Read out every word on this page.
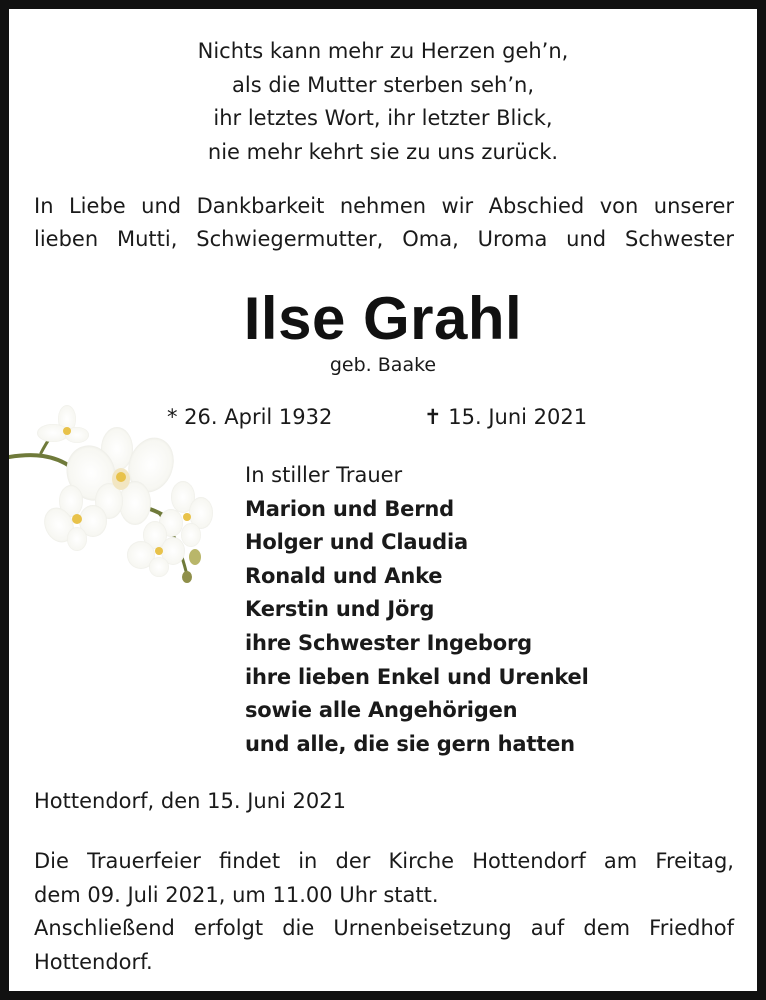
Nichts kann mehr zu Herzen geh’n,
als die Mutter sterben seh’n,
ihr letztes Wort, ihr letzter Blick,
nie mehr kehrt sie zu uns zurück.
In Liebe und Dankbarkeit nehmen wir Abschied von unserer
lieben Mutti, Schwiegermutter, Oma, Uroma und Schwester
Ilse Grahl
geb. Baake
* 26. April 1932	✝ 15. Juni 2021
In stiller Trauer
Marion und Bernd
Holger und Claudia
Ronald und Anke
Kerstin und Jörg
ihre Schwester Ingeborg
ihre lieben Enkel und Urenkel
sowie alle Angehörigen
und alle, die sie gern hatten
Hottendorf, den 15. Juni 2021
Die Trauerfeier findet in der Kirche Hottendorf am Freitag,
dem 09. Juli 2021, um 11.00 Uhr statt.
Anschließend erfolgt die Urnenbeisetzung auf dem Friedhof
Hottendorf.
